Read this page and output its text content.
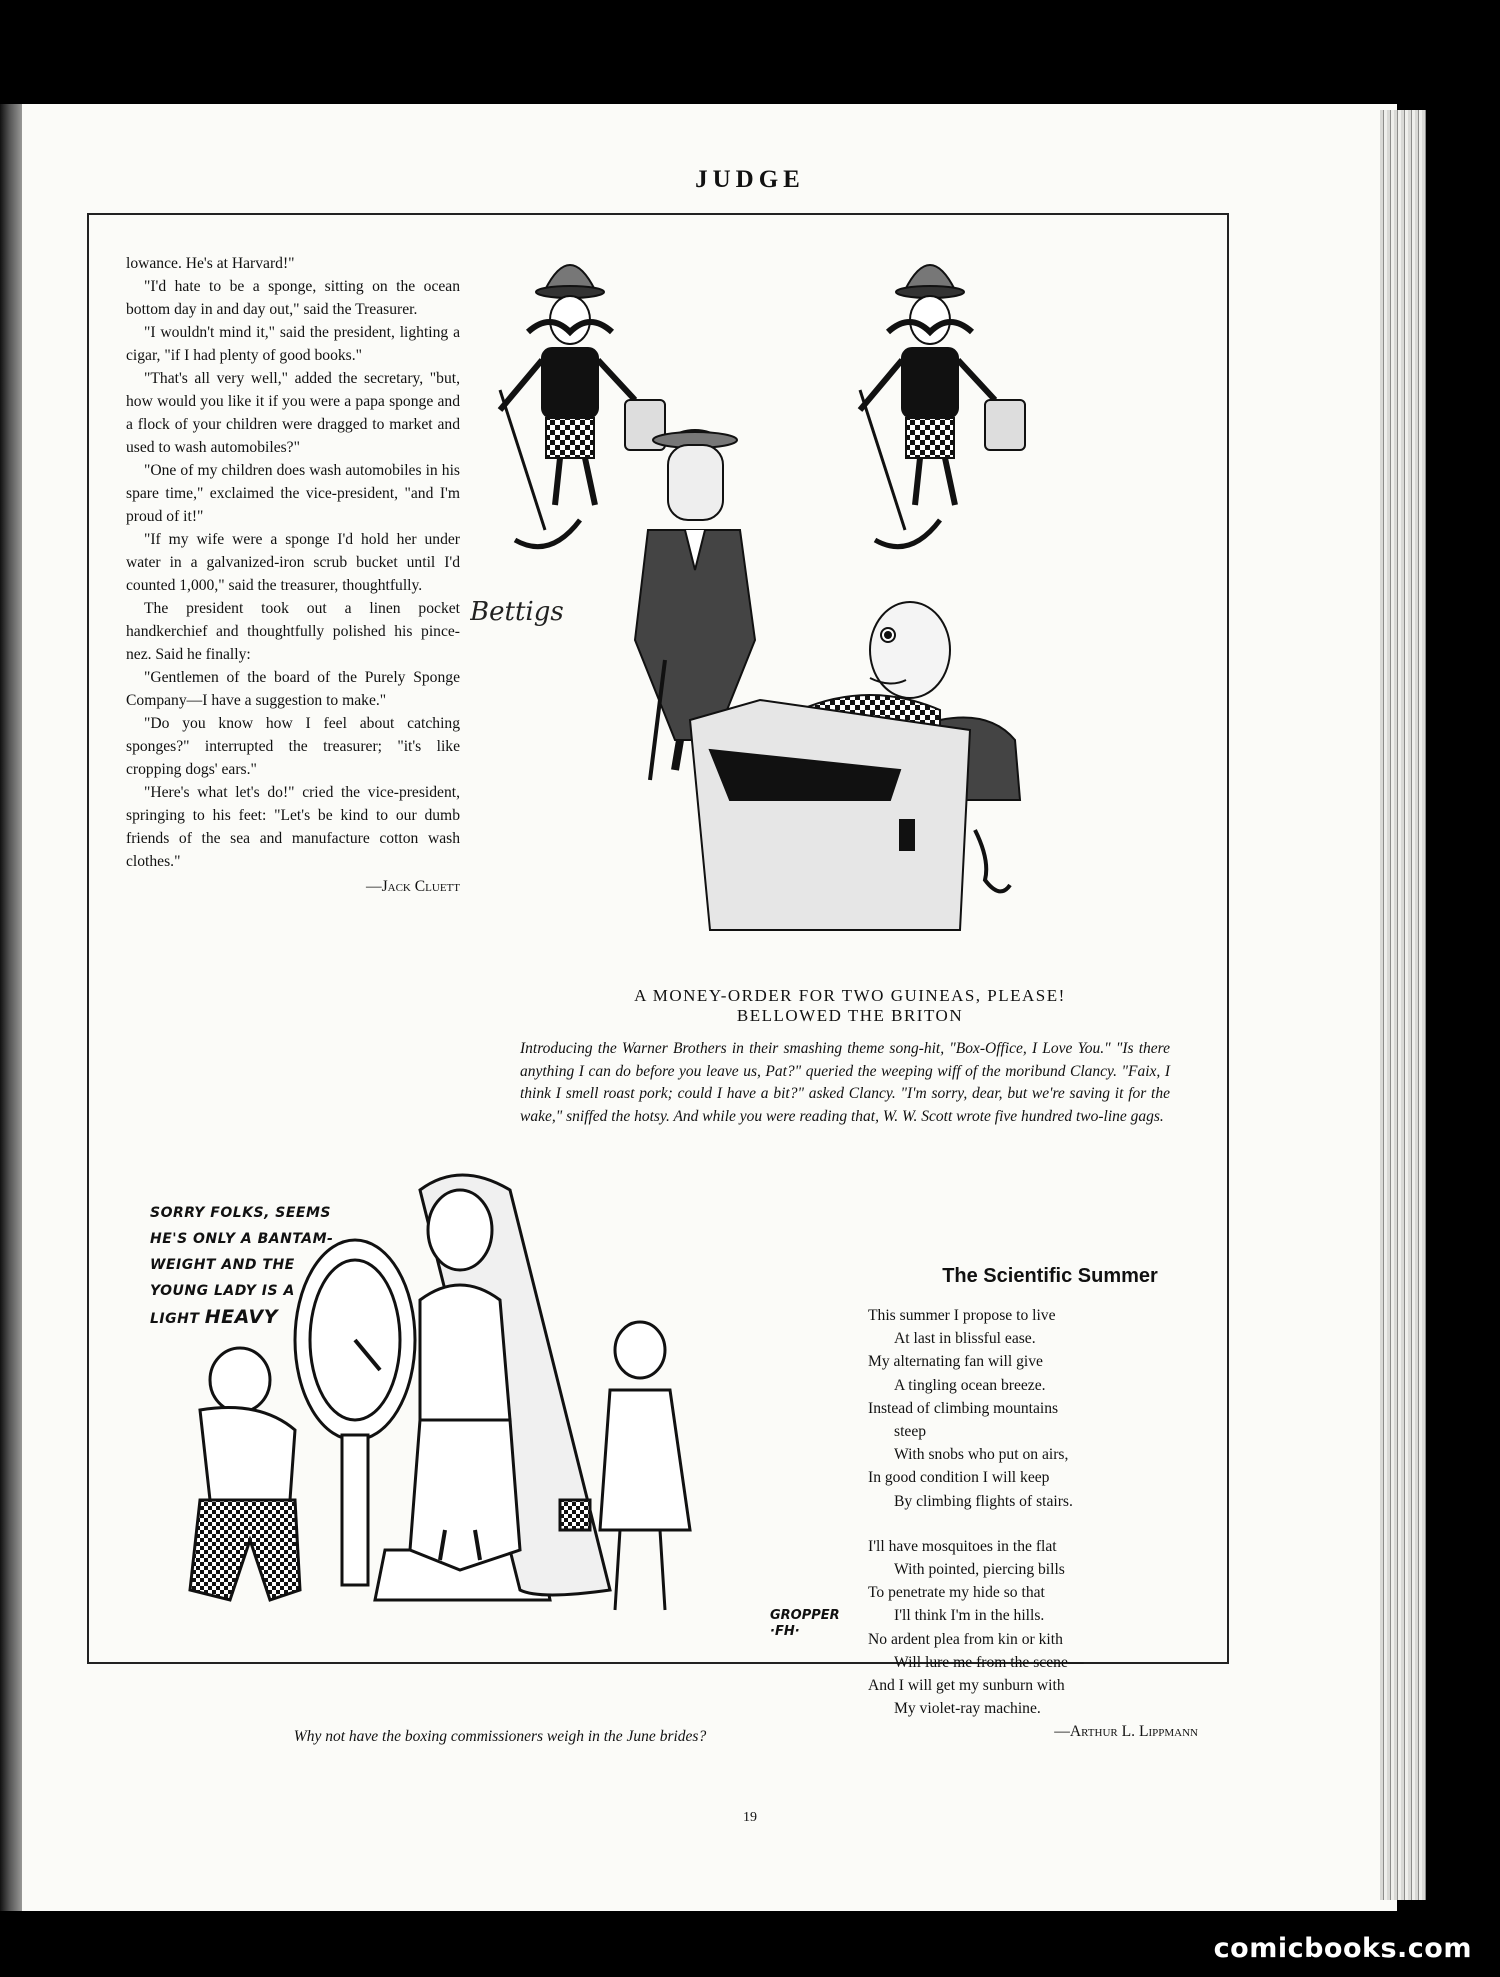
JUDGE

lowance. He's at Harvard!"

"I'd hate to be a sponge, sitting on the ocean bottom day in and day out," said the Treasurer.

"I wouldn't mind it," said the president, lighting a cigar, "if I had plenty of good books."

"That's all very well," added the secretary, "but, how would you like it if you were a papa sponge and a flock of your children were dragged to market and used to wash automobiles?"

"One of my children does wash automobiles in his spare time," exclaimed the vice-president, "and I'm proud of it!"

"If my wife were a sponge I'd hold her under water in a galvanized-iron scrub bucket until I'd counted 1,000," said the treasurer, thoughtfully.

The president took out a linen pocket handkerchief and thoughtfully polished his pince-nez. Said he finally:

"Gentlemen of the board of the Purely Sponge Company—I have a suggestion to make."

"Do you know how I feel about catching sponges?" interrupted the treasurer; "it's like cropping dogs' ears."

"Here's what let's do!" cried the vice-president, springing to his feet: "Let's be kind to our dumb friends of the sea and manufacture cotton wash clothes."

—Jack Cluett
Bettigs
A MONEY-ORDER FOR TWO GUINEAS, PLEASE!
BELLOWED THE BRITON
Introducing the Warner Brothers in their smashing theme song-hit, "Box-Office, I Love You." "Is there anything I can do before you leave us, Pat?" queried the weeping wiff of the moribund Clancy. "Faix, I think I smell roast pork; could I have a bit?" asked Clancy. "I'm sorry, dear, but we're saving it for the wake," sniffed the hotsy. And while you were reading that, W. W. Scott wrote five hundred two-line gags.
SORRY FOLKS, SEEMS
HE'S ONLY A BANTAM-
WEIGHT AND THE
YOUNG LADY IS A
LIGHT HEAVY
GROPPER
·FH·
Why not have the boxing commissioners weigh in the June brides?
The Scientific Summer
This summer I propose to live
At last in blissful ease.
My alternating fan will give
A tingling ocean breeze.
Instead of climbing mountains
steep
With snobs who put on airs,
In good condition I will keep
By climbing flights of stairs.
I'll have mosquitoes in the flat
With pointed, piercing bills
To penetrate my hide so that
I'll think I'm in the hills.
No ardent plea from kin or kith
Will lure me from the scene—
And I will get my sunburn with
My violet-ray machine.
—Arthur L. Lippmann
19
comicbooks.com
